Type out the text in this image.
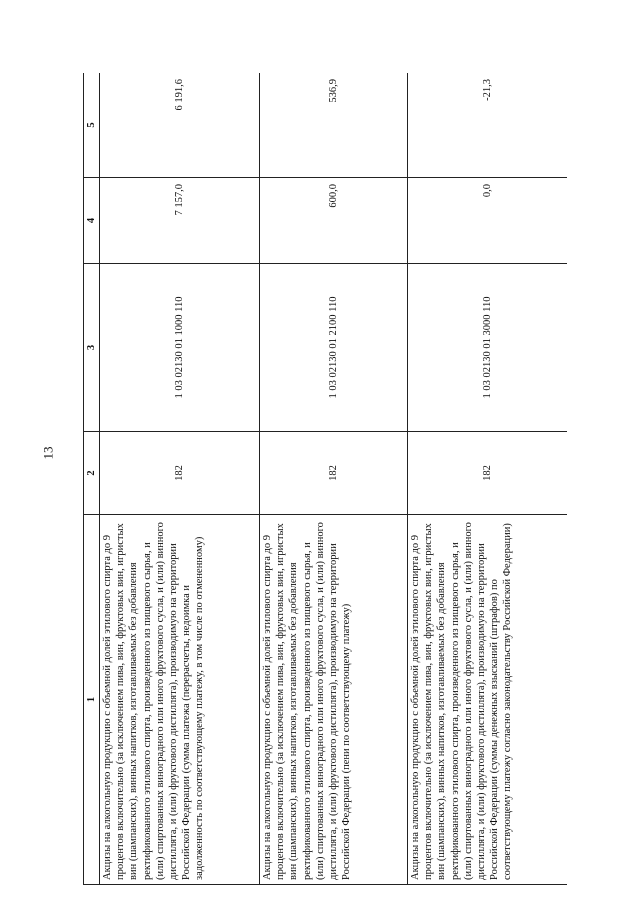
13
1	2	3	4	5
Акцизы на алкогольную продукцию с объемной долей этилового спирта до 9 процентов включительно (за исключением пива, вин, фруктовых вин, игристых вин (шампанских), винных напитков, изготавливаемых без добавления ректификованного этилового спирта, произведенного из пищевого сырья, и (или) спиртованных виноградного или иного фруктового сусла, и (или) винного дистиллята, и (или) фруктового дистиллята), производимую на территории Российской Федерации (сумма платежа (перерасчеты, недоимка и задолженность по соответствующему платежу, в том числе по отмененному)	182	1 03 02130 01 1000 110	7 157,0	6 191,6
Акцизы на алкогольную продукцию с объемной долей этилового спирта до 9 процентов включительно (за исключением пива, вин, фруктовых вин, игристых вин (шампанских), винных напитков, изготавливаемых без добавления ректификованного этилового спирта, произведенного из пищевого сырья, и (или) спиртованных виноградного или иного фруктового сусла, и (или) винного дистиллята, и (или) фруктового дистиллята), производимую на территории Российской Федерации (пени по соответствующему платежу)	182	1 03 02130 01 2100 110	600,0	536,9
Акцизы на алкогольную продукцию с объемной долей этилового спирта до 9 процентов включительно (за исключением пива, вин, фруктовых вин, игристых вин (шампанских), винных напитков, изготавливаемых без добавления ректификованного этилового спирта, произведенного из пищевого сырья, и (или) спиртованных виноградного или иного фруктового сусла, и (или) винного дистиллята, и (или) фруктового дистиллята), производимую на территории Российской Федерации (суммы денежных взысканий (штрафов) по соответствующему платежу согласно законодательству Российской Федерации)	182	1 03 02130 01 3000 110	0,0	-21,3
